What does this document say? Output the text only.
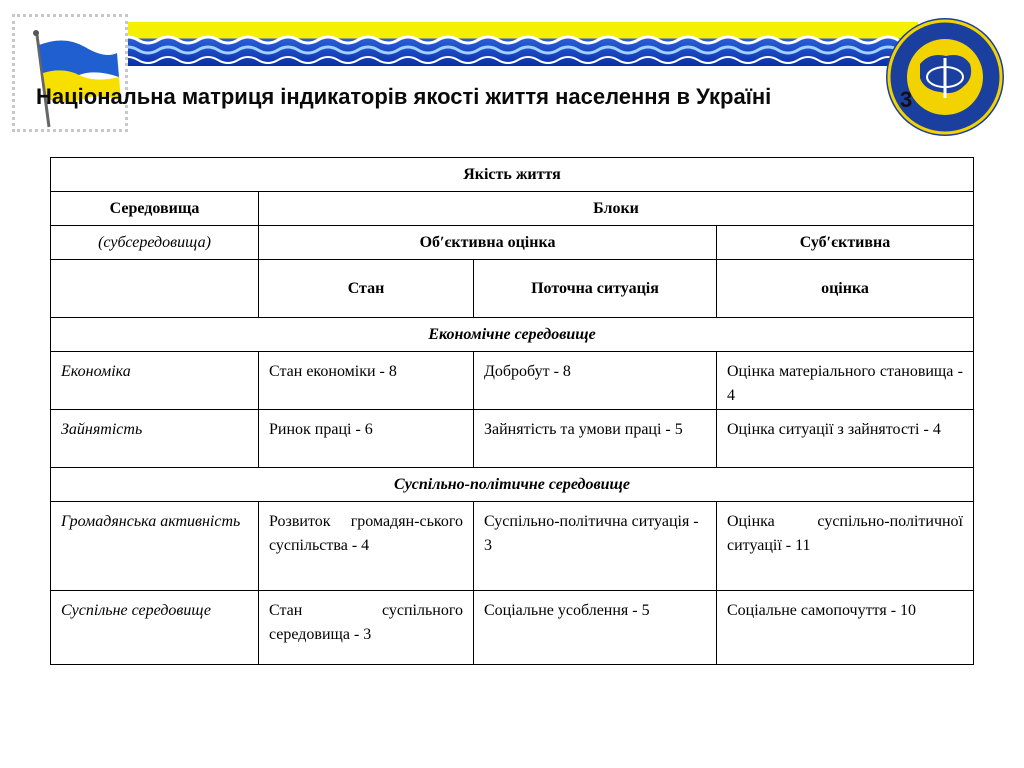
Національна матриця індикаторів якості життя населення в Україні	3
Якість життя			
Середовища	Блоки		
(субсередовища)	Обʹєктивна оцінка		Субʹєктивна
	Стан	Поточна ситуація	оцінка
Економічне середовище			
Економіка	Стан економіки - 8	Добробут - 8	Оцінка матеріального становища - 4
Зайнятість	Ринок праці - 6	Зайнятість та умови праці - 5	Оцінка ситуації з зайнятості - 4
Суспільно-політичне середовище			
Громадянська активність	Розвиток громадян-ського суспільства - 4	Суспільно-політична ситуація - 3	Оцінка суспільно-політичної ситуації - 11
Суспільне середовище	Стан суспільного середовища - 3	Соціальне усоблення - 5	Соціальне самопочуття - 10
